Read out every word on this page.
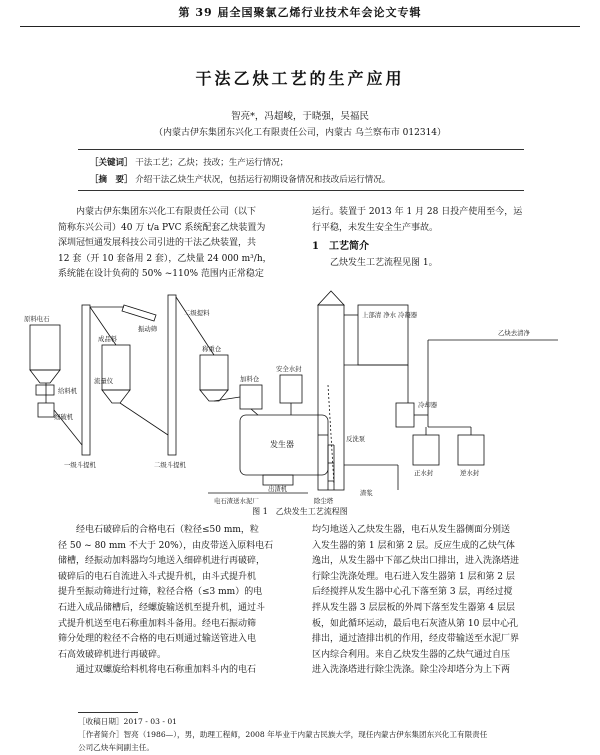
第 39 届全国聚氯乙烯行业技术年会论文专辑
干法乙炔工艺的生产应用
智亮*，冯超峻，于晓强，吴福民
（内蒙古伊东集团东兴化工有限责任公司，内蒙古 乌兰察布市 012314）
［关键词］ 干法工艺；乙炔；技改；生产运行情况；
［摘　要］ 介绍干法乙炔生产状况，包括运行初期设备情况和技改后运行情况。
内蒙古伊东集团东兴化工有限责任公司（以下
简称东兴公司）40 万 t/a PVC 系统配套乙炔装置为
深圳冠恒通发展科技公司引进的干法乙炔装置，共
12 套（开 10 套备用 2 套），乙炔量 24 000 m³/h，
系统能在设计负荷的 50% ~110% 范围内正常稳定
运行。装置于 2013 年 1 月 28 日投产使用至今，运
行平稳，未发生安全生产事故。
1　工艺简介
乙炔发生工艺流程见图 1。
原料电石
给料机
细破机
一级斗提机
成品料
流量仪
振动筛
二级斗提机
二级提料
称重仓
加料仓
安全水封
发生器
反洗泵
出渣机
电石渣送水泥厂	除尘塔
上部清 净水 冷凝器
冷却器
正水封	逆水封
乙炔去清净
渣浆
图 1　乙炔发生工艺流程图
经电石破碎后的合格电石（粒径≤50 mm，粒
径 50 ~ 80 mm 不大于 20%），由皮带送入原料电石
储槽，经振动加料器均匀地送入细碎机进行再破碎，
破碎后的电石自流进入斗式提升机，由斗式提升机
提升至振动筛进行过筛，粒径合格（≤3 mm）的电
石进入成品储槽后，经螺旋输送机至提升机，通过斗
式提升机送至电石称重加料斗备用。经电石振动筛
筛分处理的粒径不合格的电石则通过输送管进入电
石高效破碎机进行再破碎。
通过双螺旋给料机将电石称重加料斗内的电石
均匀地送入乙炔发生器，电石从发生器侧面分别送
入发生器的第 1 层和第 2 层。反应生成的乙炔气体
逸出，从发生器中下部乙炔出口排出，进入洗涤塔进
行除尘洗涤处理。电石进入发生器第 1 层和第 2 层
后经搅拌从发生器中心孔下落至第 3 层，再经过搅
拌从发生器 3 层层板的外周下落至发生器第 4 层层
板，如此循环运动，最后电石灰渣从第 10 层中心孔
排出，通过渣排出机的作用，经皮带输送至水泥厂界
区内综合利用。来自乙炔发生器的乙炔气通过自压
进入洗涤塔进行除尘洗涤。除尘冷却塔分为上下两
［收稿日期］2017 - 03 - 01
［作者简介］智亮（1986—），男，助理工程师，2008 年毕业于内蒙古民族大学，现任内蒙古伊东集团东兴化工有限责任
公司乙炔车间副主任。
